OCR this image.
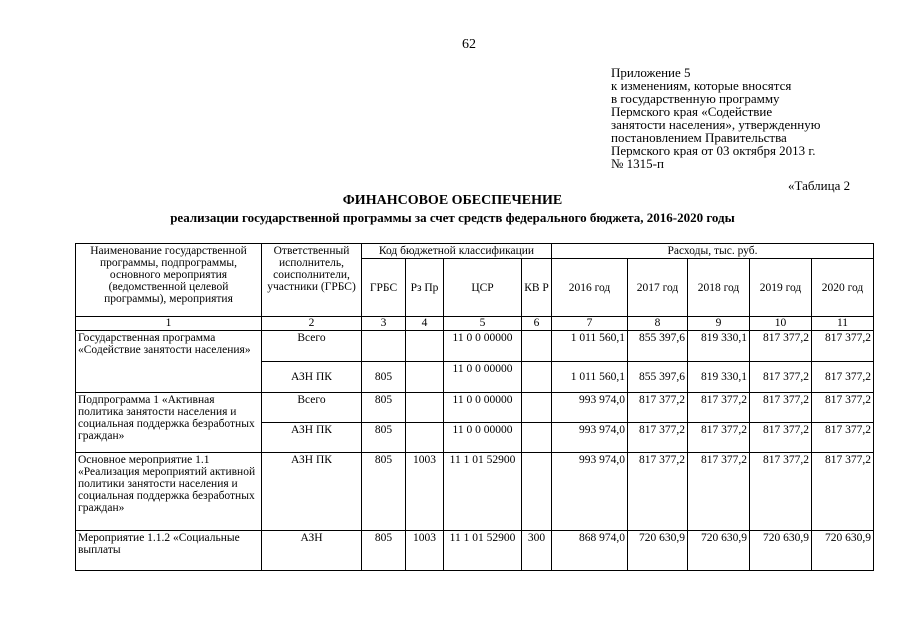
62
Приложение 5
к изменениям, которые вносятся
в государственную программу
Пермского края «Содействие
занятости населения», утвержденную
постановлением Правительства
Пермского края от 03 октября 2013 г.
№ 1315-п
«Таблица 2
ФИНАНСОВОЕ ОБЕСПЕЧЕНИЕ
реализации государственной программы за счет средств федерального бюджета, 2016-2020 годы
Наименование государственной программы, подпрограммы, основного мероприятия (ведомственной целевой программы), мероприятия	Ответственный исполнитель, соисполнители, участники (ГРБС)	Код бюджетной классификации				Расходы, тыс. руб.				
		ГРБС	Рз Пр	ЦСР	КВ Р	2016 год	2017 год	2018 год	2019 год	2020 год
1	2	3	4	5	6	7	8	9	10	11
Государственная программа «Содействие занятости населения»	Всего			11 0 0 00000		1 011 560,1	855 397,6	819 330,1	817 377,2	817 377,2
	АЗН ПК	805		11 0 0 00000		1 011 560,1	855 397,6	819 330,1	817 377,2	817 377,2
Подпрограмма 1 «Активная политика занятости населения и социальная поддержка безработных граждан»	Всего	805		11 0 0 00000		993 974,0	817 377,2	817 377,2	817 377,2	817 377,2
	АЗН ПК	805		11 0 0 00000		993 974,0	817 377,2	817 377,2	817 377,2	817 377,2
Основное мероприятие 1.1 «Реализация мероприятий активной политики занятости населения и социальная поддержка безработных граждан»	АЗН ПК	805	1003	11 1 01 52900		993 974,0	817 377,2	817 377,2	817 377,2	817 377,2
Мероприятие 1.1.2 «Социальные выплаты	АЗН	805	1003	11 1 01 52900	300	868 974,0	720 630,9	720 630,9	720 630,9	720 630,9
